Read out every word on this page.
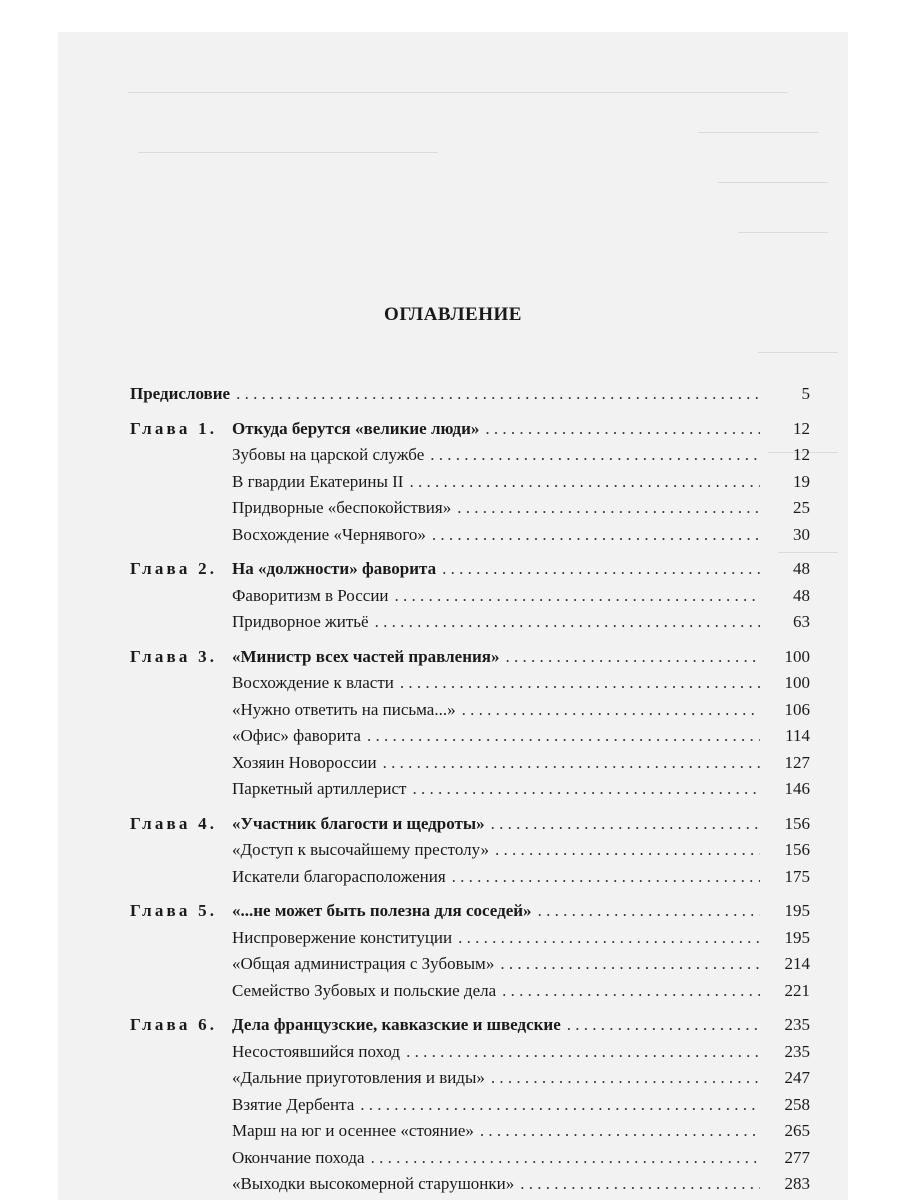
ОГЛАВЛЕНИЕ
Предисловие . . .	5
Глава 1. Откуда берутся «великие люди» . . .	12
Зубовы на царской службе . . .	12
В гвардии Екатерины II . . .	19
Придворные «беспокойствия» . . .	25
Восхождение «Чернявого» . . .	30
Глава 2. На «должности» фаворита . . .	48
Фаворитизм в России . . .	48
Придворное житьё . . .	63
Глава 3. «Министр всех частей правления» . . .	100
Восхождение к власти . . .	100
«Нужно ответить на письма...» . . .	106
«Офис» фаворита . . .	114
Хозяин Новороссии . . .	127
Паркетный артиллерист . . .	146
Глава 4. «Участник благости и щедроты» . . .	156
«Доступ к высочайшему престолу» . . .	156
Искатели благорасположения . . .	175
Глава 5. «...не может быть полезна для соседей» . . .	195
Ниспровержение конституции . . .	195
«Общая администрация с Зубовым» . . .	214
Семейство Зубовых и польские дела . . .	221
Глава 6. Дела французские, кавказские и шведские . . .	235
Несостоявшийся поход . . .	235
«Дальние приуготовления и виды» . . .	247
Взятие Дербента . . .	258
Марш на юг и осеннее «стояние» . . .	265
Окончание похода . . .	277
«Выходки высокомерной старушонки» . . .	283
